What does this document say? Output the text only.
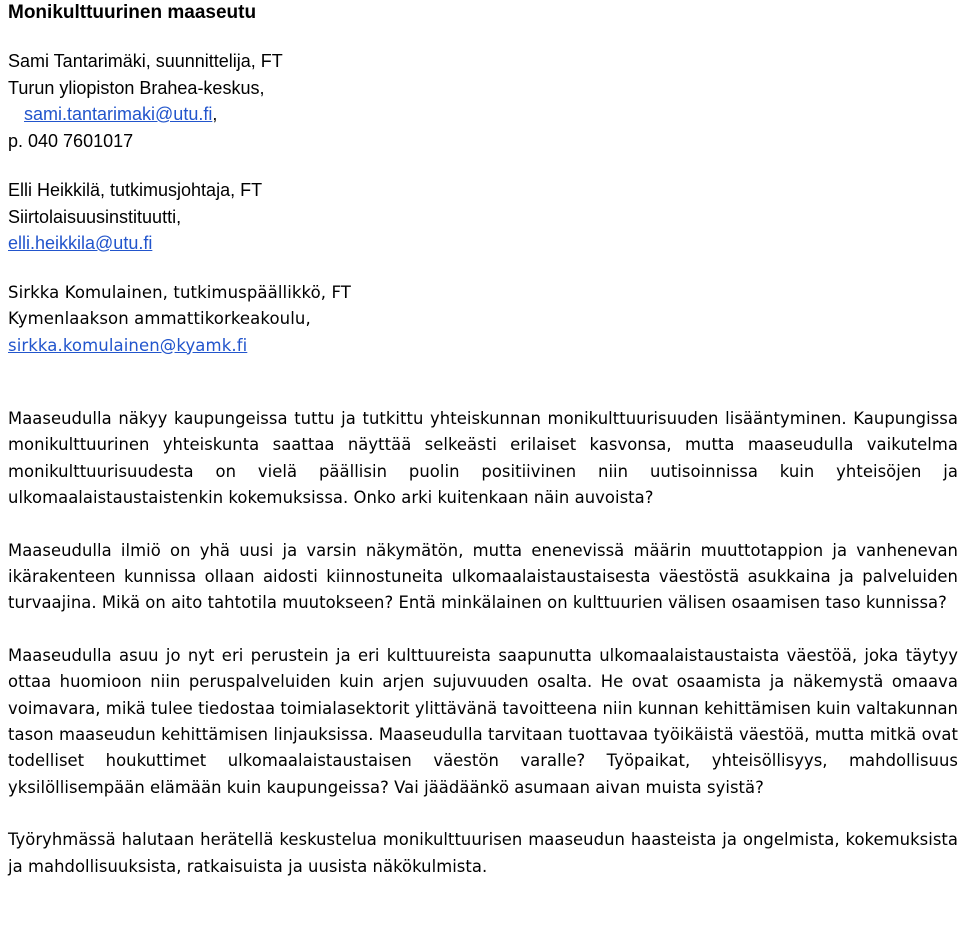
Monikulttuurinen maaseutu
Sami Tantarimäki, suunnittelija, FT
Turun yliopiston Brahea-keskus,
sami.tantarimaki@utu.fi,
p. 040 7601017
Elli Heikkilä, tutkimusjohtaja, FT
Siirtolaisuusinstituutti,
elli.heikkila@utu.fi
Sirkka Komulainen, tutkimuspäällikkö, FT
Kymenlaakson ammattikorkeakoulu,
sirkka.komulainen@kyamk.fi

Maaseudulla näkyy kaupungeissa tuttu ja tutkittu yhteiskunnan monikulttuurisuuden lisääntyminen. Kaupungissa monikulttuurinen yhteiskunta saattaa näyttää selkeästi erilaiset kasvonsa, mutta maaseudulla vaikutelma monikulttuurisuudesta on vielä päällisin puolin positiivinen niin uutisoinnissa kuin yhteisöjen ja ulkomaalaistaustaistenkin kokemuksissa. Onko arki kuitenkaan näin auvoista?

Maaseudulla ilmiö on yhä uusi ja varsin näkymätön, mutta enenevissä määrin muuttotappion ja vanhenevan ikärakenteen kunnissa ollaan aidosti kiinnostuneita ulkomaalaistaustaisesta väestöstä asukkaina ja palveluiden turvaajina. Mikä on aito tahtotila muutokseen? Entä minkälainen on kulttuurien välisen osaamisen taso kunnissa?

Maaseudulla asuu jo nyt eri perustein ja eri kulttuureista saapunutta ulkomaalaistaustaista väestöä, joka täytyy ottaa huomioon niin peruspalveluiden kuin arjen sujuvuuden osalta. He ovat osaamista ja näkemystä omaava voimavara, mikä tulee tiedostaa toimialasektorit ylittävänä tavoitteena niin kunnan kehittämisen kuin valtakunnan tason maaseudun kehittämisen linjauksissa. Maaseudulla tarvitaan tuottavaa työikäistä väestöä, mutta mitkä ovat todelliset houkuttimet ulkomaalaistaustaisen väestön varalle? Työpaikat, yhteisöllisyys, mahdollisuus yksilöllisempään elämään kuin kaupungeissa? Vai jäädäänkö asumaan aivan muista syistä?

Työryhmässä halutaan herätellä keskustelua monikulttuurisen maaseudun haasteista ja ongelmista, kokemuksista ja mahdollisuuksista, ratkaisuista ja uusista näkökulmista.
